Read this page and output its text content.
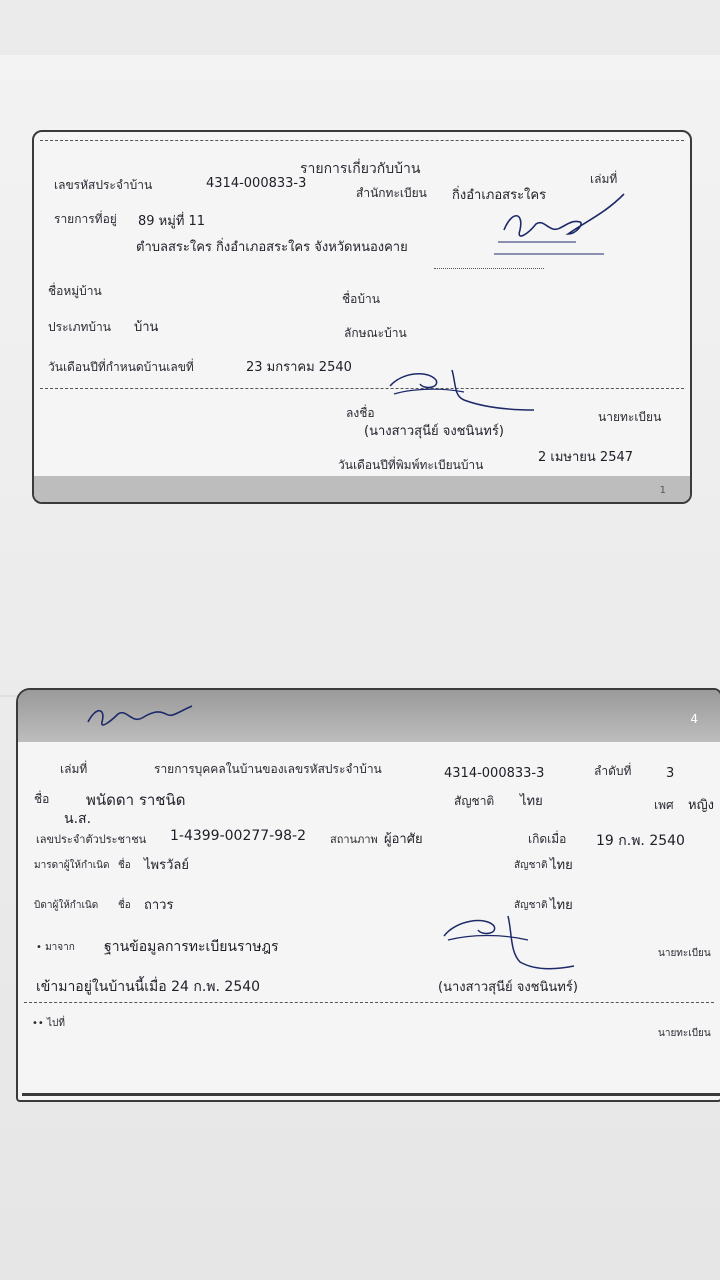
รายการเกี่ยวกับบ้าน
เล่มที่
เลขรหัสประจำบ้าน	4314-000833-3
สำนักทะเบียน กิ่งอำเภอสระใคร
รายการที่อยู่ 89 หมู่ที่ 11
ตำบลสระใคร กิ่งอำเภอสระใคร จังหวัดหนองคาย
ชื่อหมู่บ้าน
ชื่อบ้าน
ประเภทบ้าน บ้าน	ลักษณะบ้าน
วันเดือนปีที่กำหนดบ้านเลขที่	23 มกราคม 2540
ลงชื่อ
(นางสาวสุนีย์ จงชนินทร์)
นายทะเบียน
วันเดือนปีที่พิมพ์ทะเบียนบ้าน	2 เมษายน 2547
1
4
เล่มที่	รายการบุคคลในบ้านของเลขรหัสประจำบ้าน	4314-000833-3	ลำดับที่	3
ชื่อ พนัดดา ราชนิด
น.ส.
สัญชาติ ไทย	เพศ หญิง
เลขประจำตัวประชาชน 1-4399-00277-98-2 สถานภาพ ผู้อาศัย	เกิดเมื่อ 19 ก.พ. 2540
มารดาผู้ให้กำเนิด ชื่อ ไพรวัลย์	สัญชาติ ไทย
บิดาผู้ให้กำเนิด ชื่อ ถาวร	สัญชาติ ไทย
• มาจาก ฐานข้อมูลการทะเบียนราษฎร	นายทะเบียน
เข้ามาอยู่ในบ้านนี้เมื่อ 24 ก.พ. 2540	(นางสาวสุนีย์ จงชนินทร์)
•• ไปที่
นายทะเบียน
